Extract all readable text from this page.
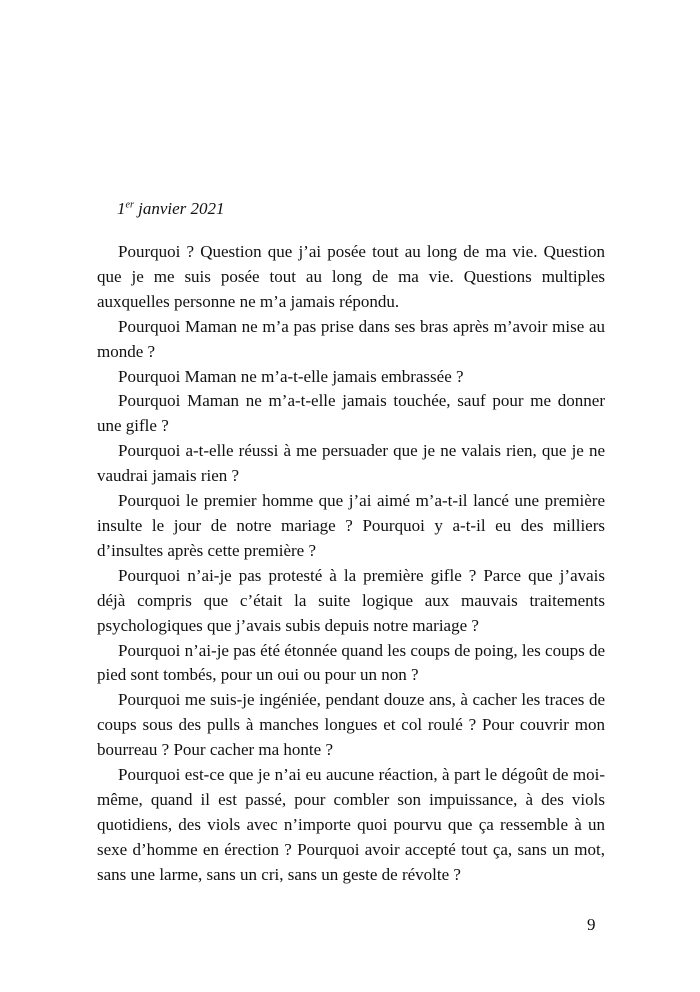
1er janvier 2021

Pourquoi ? Question que j’ai posée tout au long de ma vie. Question que je me suis posée tout au long de ma vie. Questions multiples auxquelles personne ne m’a jamais répondu.

Pourquoi Maman ne m’a pas prise dans ses bras après m’avoir mise au monde ?

Pourquoi Maman ne m’a-t-elle jamais embrassée ?

Pourquoi Maman ne m’a-t-elle jamais touchée, sauf pour me donner une gifle ?

Pourquoi a-t-elle réussi à me persuader que je ne valais rien, que je ne vaudrai jamais rien ?

Pourquoi le premier homme que j’ai aimé m’a-t-il lancé une première insulte le jour de notre mariage ? Pourquoi y a-t-il eu des milliers d’insultes après cette première ?

Pourquoi n’ai-je pas protesté à la première gifle ? Parce que j’avais déjà compris que c’était la suite logique aux mauvais traitements psychologiques que j’avais subis depuis notre mariage ?

Pourquoi n’ai-je pas été étonnée quand les coups de poing, les coups de pied sont tombés, pour un oui ou pour un non ?

Pourquoi me suis-je ingéniée, pendant douze ans, à cacher les traces de coups sous des pulls à manches longues et col roulé ? Pour couvrir mon bourreau ? Pour cacher ma honte ?

Pourquoi est-ce que je n’ai eu aucune réaction, à part le dégoût de moi-même, quand il est passé, pour combler son impuissance, à des viols quotidiens, des viols avec n’importe quoi pourvu que ça ressemble à un sexe d’homme en érection ? Pourquoi avoir accepté tout ça, sans un mot, sans une larme, sans un cri, sans un geste de révolte ?

9
